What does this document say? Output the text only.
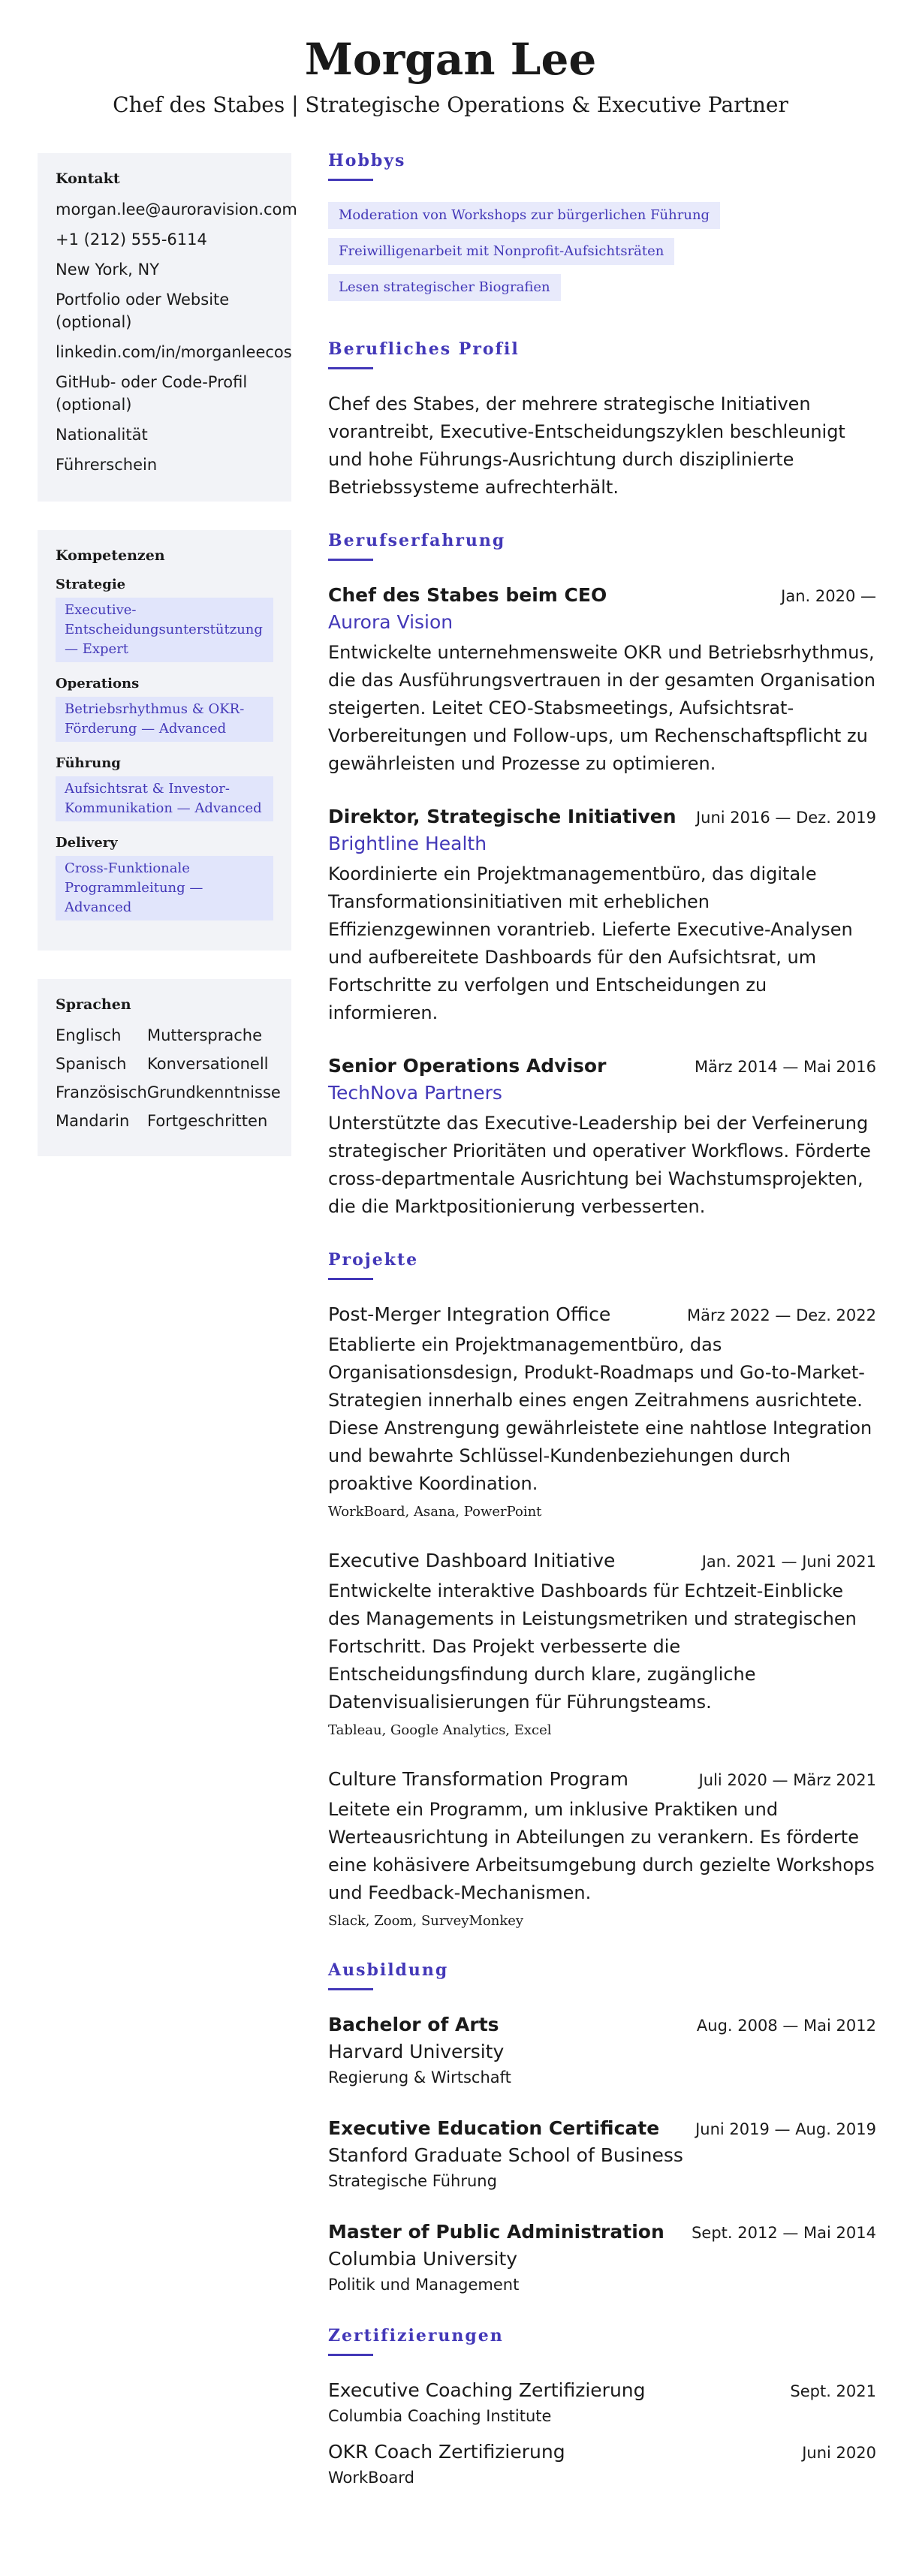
Morgan Lee
Chef des Stabes | Strategische Operations & Executive Partner
Kontakt
morgan.lee@auroravision.com
+1 (212) 555-6114
New York, NY
Portfolio oder Website (optional)
linkedin.com/in/morganleecos
GitHub- oder Code-Profil (optional)
Nationalität
Führerschein
Kompetenzen
Strategie
Executive-Entscheidungsunterstützung — Expert
Operations
Betriebsrhythmus & OKR-Förderung — Advanced
Führung
Aufsichtsrat & Investor-Kommunikation — Advanced
Delivery
Cross-Funktionale Programmleitung — Advanced
Sprachen
Englisch	Muttersprache
Spanisch	Konversationell
Französisch Grundkenntnisse
Mandarin	Fortgeschritten
Hobbys
Moderation von Workshops zur bürgerlichen Führung
Freiwilligenarbeit mit Nonprofit-Aufsichtsräten
Lesen strategischer Biografien
Berufliches Profil
Chef des Stabes, der mehrere strategische Initiativen vorantreibt, Executive-Entscheidungszyklen beschleunigt und hohe Führungs-Ausrichtung durch disziplinierte Betriebssysteme aufrechterhält.
Berufserfahrung
Chef des Stabes beim CEO	Jan. 2020 —
Aurora Vision
Entwickelte unternehmensweite OKR und Betriebsrhythmus, die das Ausführungsvertrauen in der gesamten Organisation steigerten. Leitet CEO-Stabsmeetings, Aufsichtsrat-Vorbereitungen und Follow-ups, um Rechenschaftspflicht zu gewährleisten und Prozesse zu optimieren.
Direktor, Strategische Initiativen Juni 2016 — Dez. 2019
Brightline Health
Koordinierte ein Projektmanagementbüro, das digitale Transformationsinitiativen mit erheblichen Effizienzgewinnen vorantrieb. Lieferte Executive-Analysen und aufbereitete Dashboards für den Aufsichtsrat, um Fortschritte zu verfolgen und Entscheidungen zu informieren.
Senior Operations Advisor	März 2014 — Mai 2016
TechNova Partners
Unterstützte das Executive-Leadership bei der Verfeinerung strategischer Prioritäten und operativer Workflows. Förderte cross-departmentale Ausrichtung bei Wachstumsprojekten, die die Marktpositionierung verbesserten.
Projekte
Post-Merger Integration Office	März 2022 — Dez. 2022
Etablierte ein Projektmanagementbüro, das Organisationsdesign, Produkt-Roadmaps und Go-to-Market-Strategien innerhalb eines engen Zeitrahmens ausrichtete. Diese Anstrengung gewährleistete eine nahtlose Integration und bewahrte Schlüssel-Kundenbeziehungen durch proaktive Koordination.
WorkBoard, Asana, PowerPoint
Executive Dashboard Initiative	Jan. 2021 — Juni 2021
Entwickelte interaktive Dashboards für Echtzeit-Einblicke des Managements in Leistungsmetriken und strategischen Fortschritt. Das Projekt verbesserte die Entscheidungsfindung durch klare, zugängliche Datenvisualisierungen für Führungsteams.
Tableau, Google Analytics, Excel
Culture Transformation Program	Juli 2020 — März 2021
Leitete ein Programm, um inklusive Praktiken und Werteausrichtung in Abteilungen zu verankern. Es förderte eine kohäsivere Arbeitsumgebung durch gezielte Workshops und Feedback-Mechanismen.
Slack, Zoom, SurveyMonkey
Ausbildung
Bachelor of Arts	Aug. 2008 — Mai 2012
Harvard University
Regierung & Wirtschaft
Executive Education Certificate Juni 2019 — Aug. 2019
Stanford Graduate School of Business
Strategische Führung
Master of Public Administration Sept. 2012 — Mai 2014
Columbia University
Politik und Management
Zertifizierungen
Executive Coaching Zertifizierung	Sept. 2021
Columbia Coaching Institute
OKR Coach Zertifizierung	Juni 2020
WorkBoard
